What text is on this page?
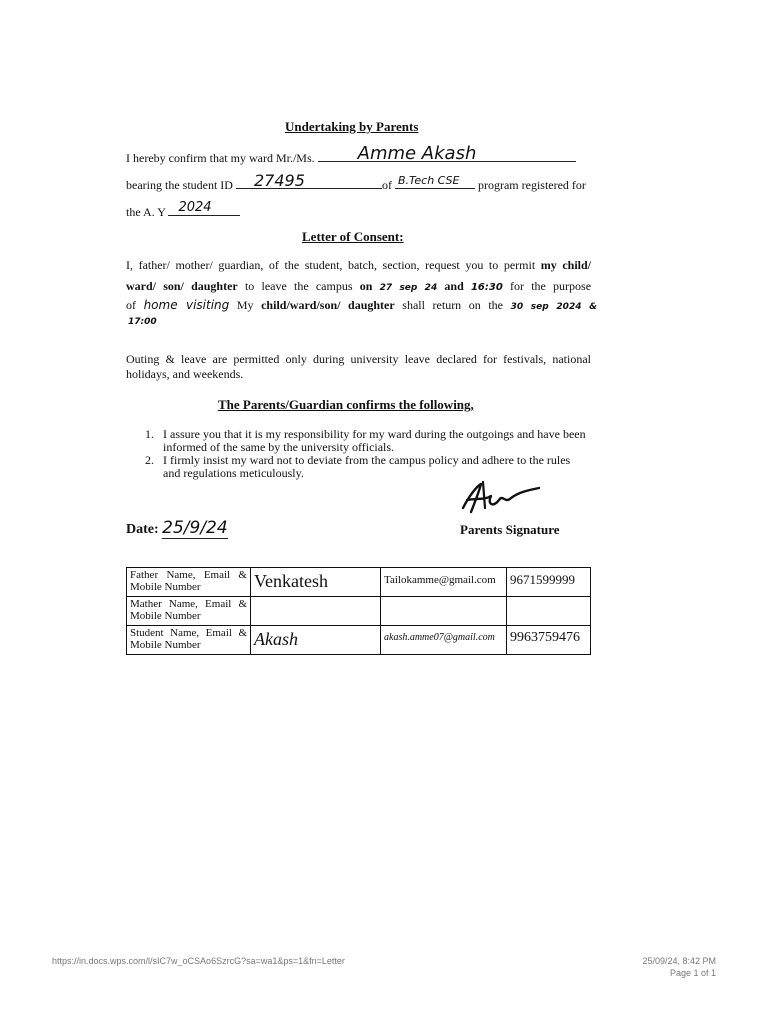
Undertaking by Parents
I hereby confirm that my ward Mr./Ms. Amme Akash
bearing the student ID 27495	of B.Tech CSE program registered for
the A. Y 2024
Letter of Consent:
I, father/ mother/ guardian, of the student, batch, section, request you to permit my child/
ward/ son/ daughter to leave the campus on 27 sep 24 and 16:30 for the purpose
of home visiting My child/ward/son/ daughter shall return on the 30 sep 2024 &
17:00
Outing & leave are permitted only during university leave declared for festivals, national holidays, and weekends.
The Parents/Guardian confirms the following,
1. I assure you that it is my responsibility for my ward during the outgoings and have been
informed of the same by the university officials.
2. I firmly insist my ward not to deviate from the campus policy and adhere to the rules
and regulations meticulously.
Date: 25/9/24	Parents Signature
Father Name, Email & Mobile Number	Venkatesh	Tailokamme@gmail.com	9671599999
Mather Name, Email & Mobile Number			
Student Name, Email & Mobile Number	Akash	akash.amme07@gmail.com	9963759476
https://in.docs.wps.com/l/sIC7w_oCSAo6SzrcG?sa=wa1&ps=1&fn=Letter	25/09/24, 8:42 PM
Page 1 of 1
